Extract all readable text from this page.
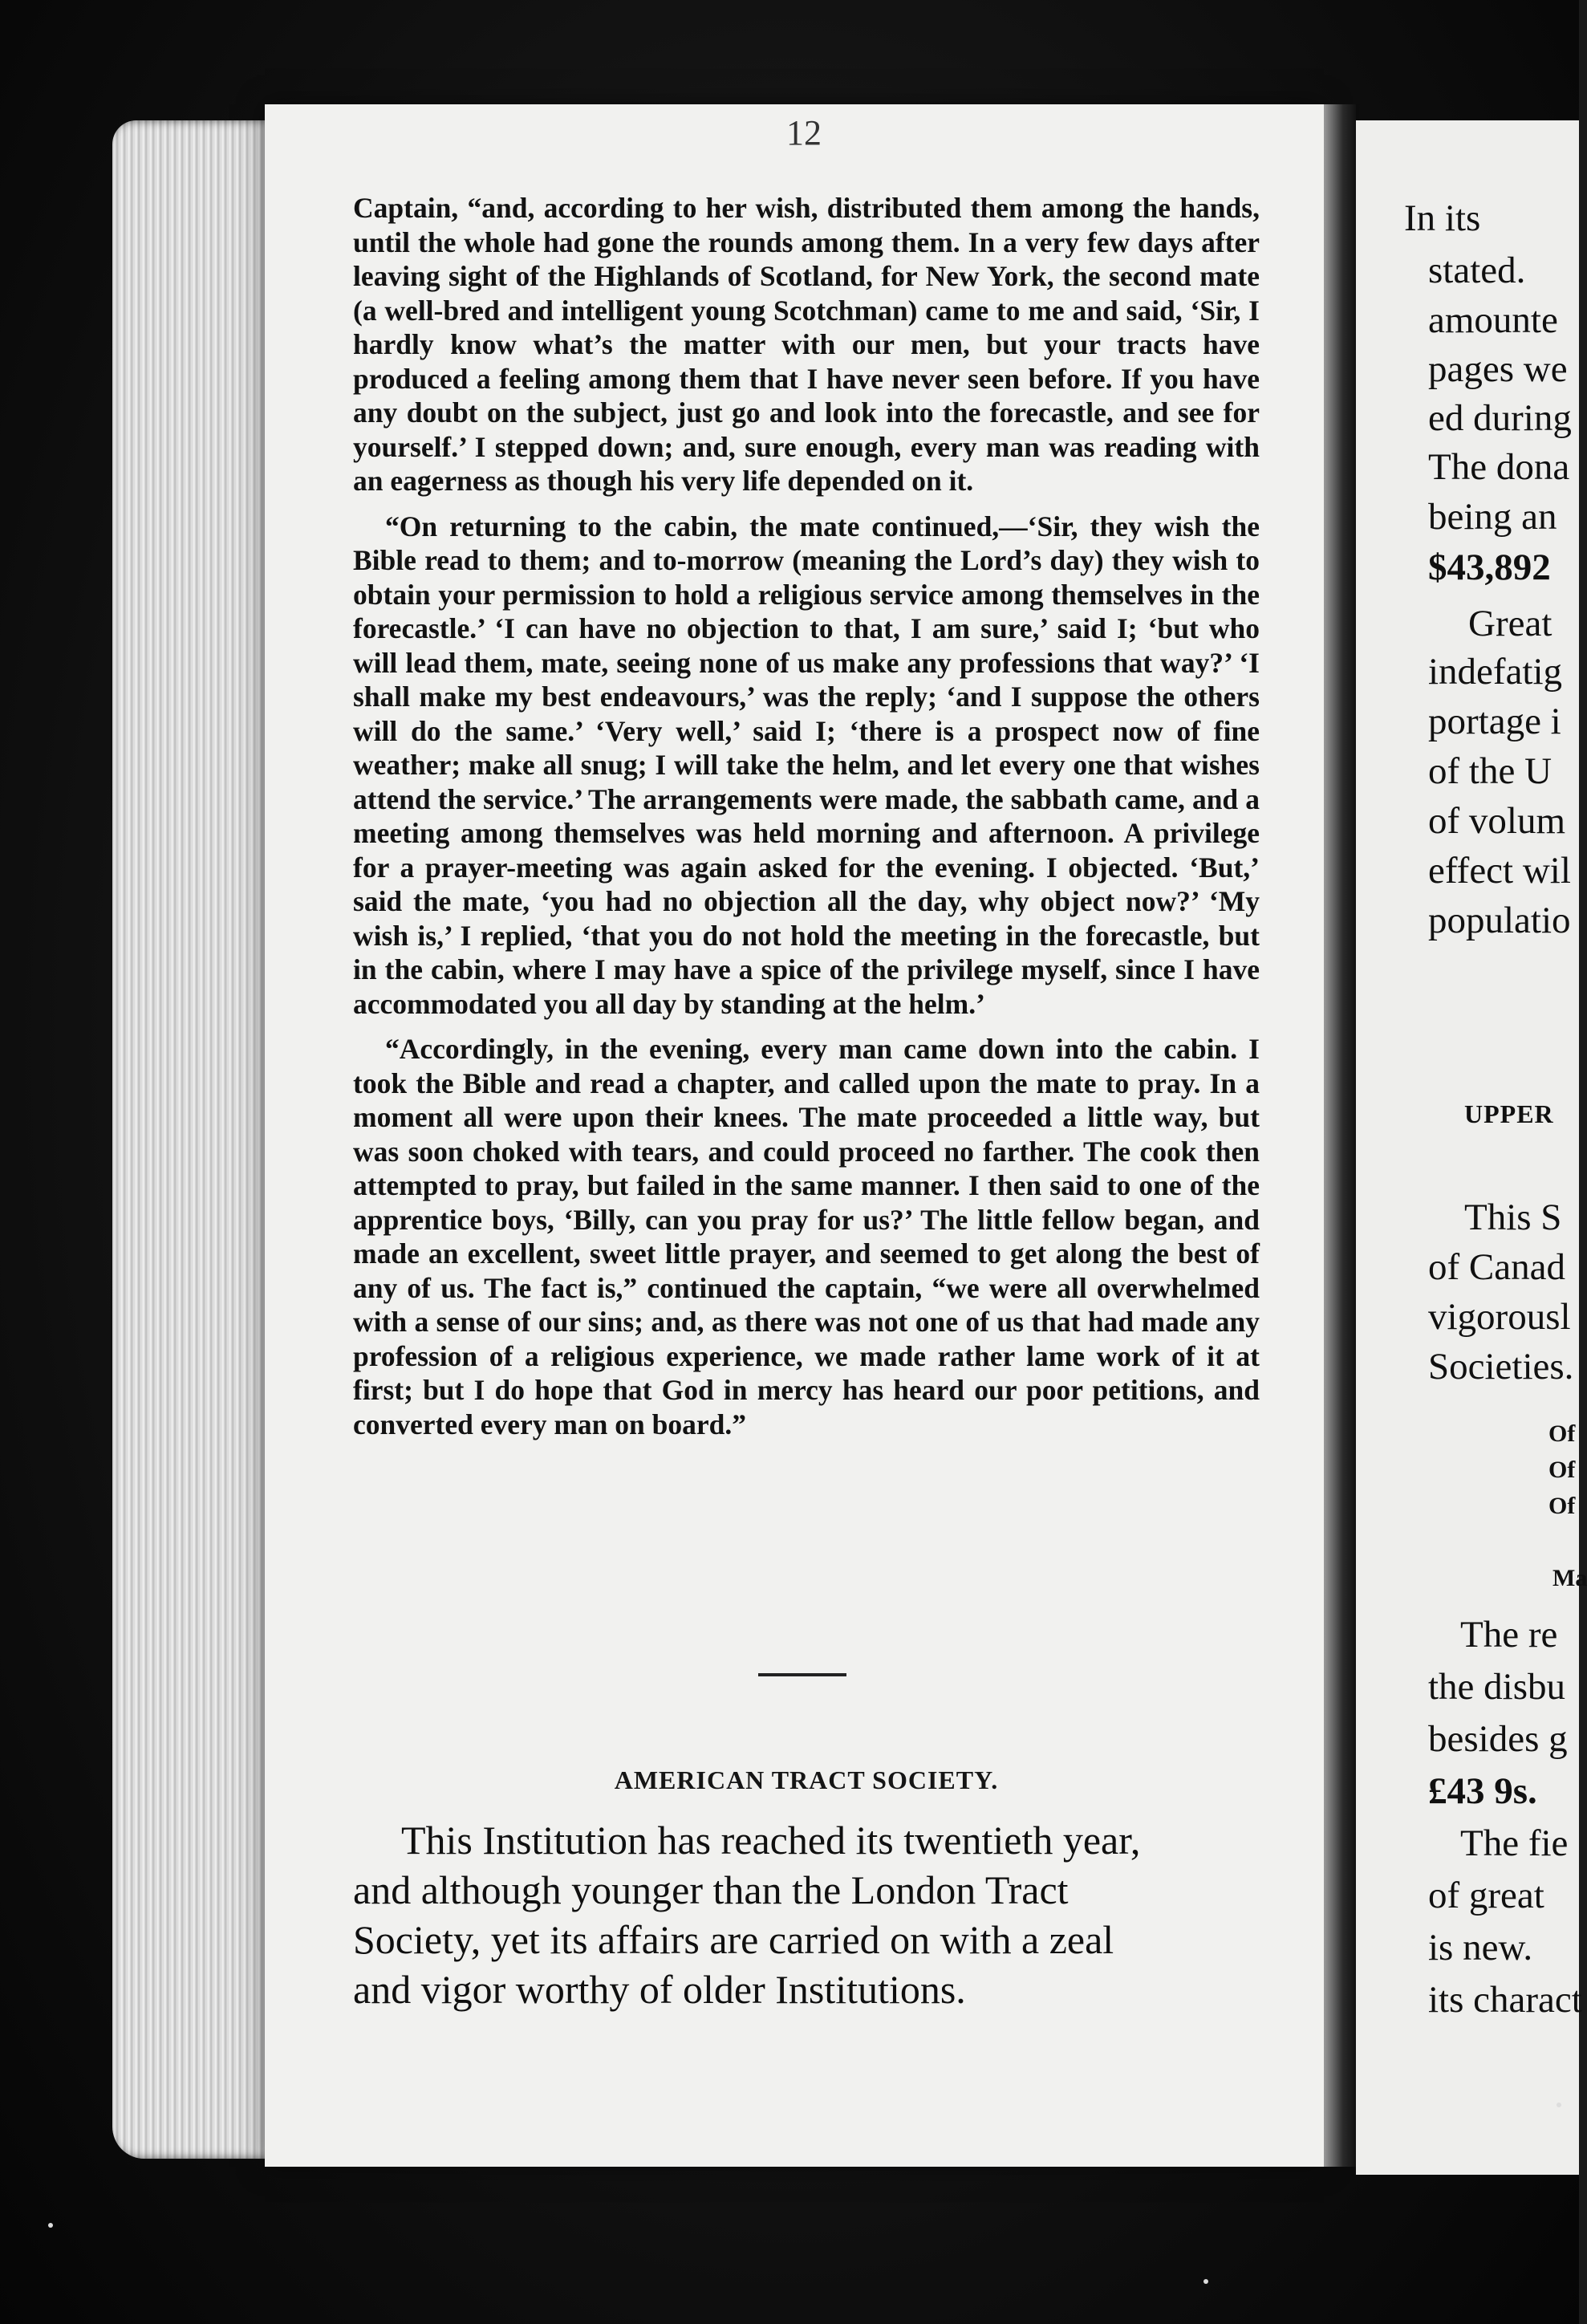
12

Captain, “and, according to her wish, distributed them among the hands, until the whole had gone the rounds among them. In a very few days after leaving sight of the Highlands of Scotland, for New York, the second mate (a well-bred and intelligent young Scotchman) came to me and said, ‘Sir, I hardly know what’s the matter with our men, but your tracts have produced a feeling among them that I have never seen before. If you have any doubt on the subject, just go and look into the forecastle, and see for yourself.’ I stepped down; and, sure enough, every man was reading with an eagerness as though his very life depended on it.

“On returning to the cabin, the mate continued,—‘Sir, they wish the Bible read to them; and to-morrow (meaning the Lord’s day) they wish to obtain your permission to hold a religious service among themselves in the forecastle.’ ‘I can have no objection to that, I am sure,’ said I; ‘but who will lead them, mate, seeing none of us make any professions that way?’ ‘I shall make my best endeavours,’ was the reply; ‘and I suppose the others will do the same.’ ‘Very well,’ said I; ‘there is a prospect now of fine weather; make all snug; I will take the helm, and let every one that wishes attend the service.’ The arrangements were made, the sabbath came, and a meeting among themselves was held morning and afternoon. A privilege for a prayer-meeting was again asked for the evening. I objected. ‘But,’ said the mate, ‘you had no objection all the day, why object now?’ ‘My wish is,’ I replied, ‘that you do not hold the meeting in the forecastle, but in the cabin, where I may have a spice of the privilege myself, since I have accommodated you all day by standing at the helm.’

“Accordingly, in the evening, every man came down into the cabin. I took the Bible and read a chapter, and called upon the mate to pray. In a moment all were upon their knees. The mate proceeded a little way, but was soon choked with tears, and could proceed no farther. The cook then attempted to pray, but failed in the same manner. I then said to one of the apprentice boys, ‘Billy, can you pray for us?’ The little fellow began, and made an excellent, sweet little prayer, and seemed to get along the best of any of us. The fact is,” continued the captain, “we were all overwhelmed with a sense of our sins; and, as there was not one of us that had made any profession of a religious experience, we made rather lame work of it at first; but I do hope that God in mercy has heard our poor petitions, and converted every man on board.”

AMERICAN TRACT SOCIETY.
This Institution has reached its twentieth year,
and although younger than the London Tract
Society, yet its affairs are carried on with a zeal
and vigor worthy of older Institutions.
In its
stated.
amounte
pages we
ed during
The dona
being an
$43,892
Great
indefatig
portage i
of the U
of volum
effect wil
populatio
UPPER
This S
of Canad
vigorousl
Societies.
Of
Of
Of
Ma
The re
the disbu
besides g
£43 9s.
The fie
of great
is new.
its charact
